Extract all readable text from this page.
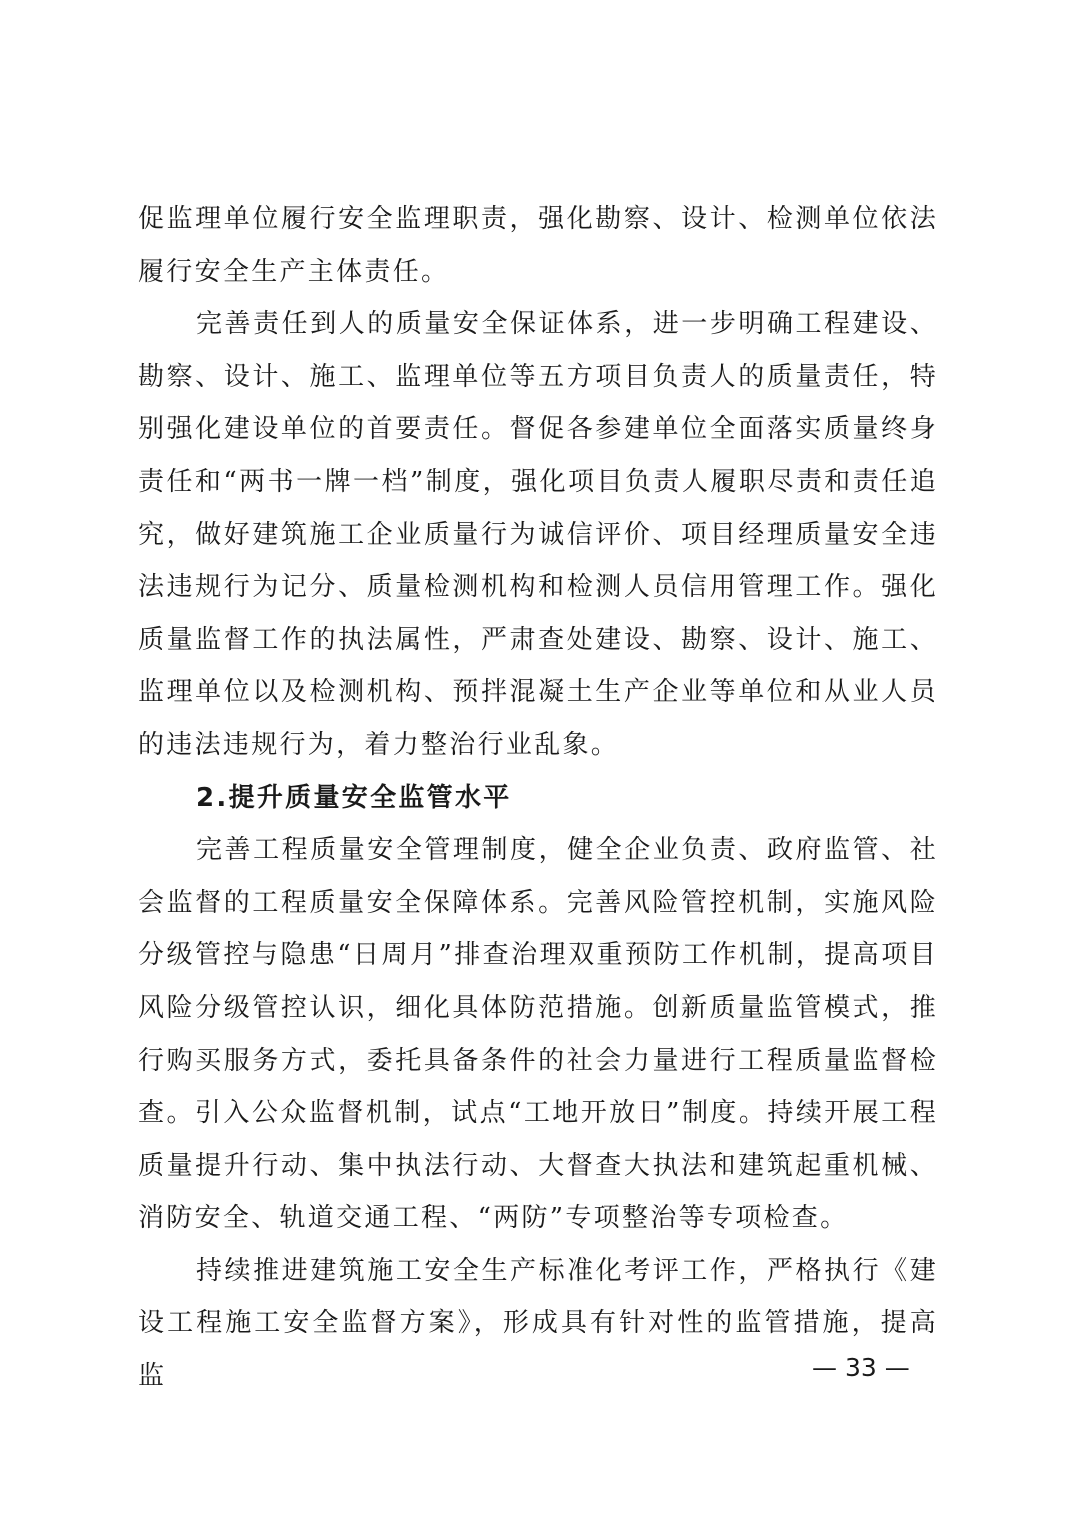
促监理单位履行安全监理职责，强化勘察、设计、检测单位依法履行安全生产主体责任。

完善责任到人的质量安全保证体系，进一步明确工程建设、勘察、设计、施工、监理单位等五方项目负责人的质量责任，特别强化建设单位的首要责任。督促各参建单位全面落实质量终身责任和“两书一牌一档”制度，强化项目负责人履职尽责和责任追究，做好建筑施工企业质量行为诚信评价、项目经理质量安全违法违规行为记分、质量检测机构和检测人员信用管理工作。强化质量监督工作的执法属性，严肃查处建设、勘察、设计、施工、监理单位以及检测机构、预拌混凝土生产企业等单位和从业人员的违法违规行为，着力整治行业乱象。

2.提升质量安全监管水平

完善工程质量安全管理制度，健全企业负责、政府监管、社会监督的工程质量安全保障体系。完善风险管控机制，实施风险分级管控与隐患“日周月”排查治理双重预防工作机制，提高项目风险分级管控认识，细化具体防范措施。创新质量监管模式，推行购买服务方式，委托具备条件的社会力量进行工程质量监督检查。引入公众监督机制，试点“工地开放日”制度。持续开展工程质量提升行动、集中执法行动、大督查大执法和建筑起重机械、消防安全、轨道交通工程、“两防”专项整治等专项检查。

持续推进建筑施工安全生产标准化考评工作，严格执行《建设工程施工安全监督方案》，形成具有针对性的监管措施，提高监	— 33 —
